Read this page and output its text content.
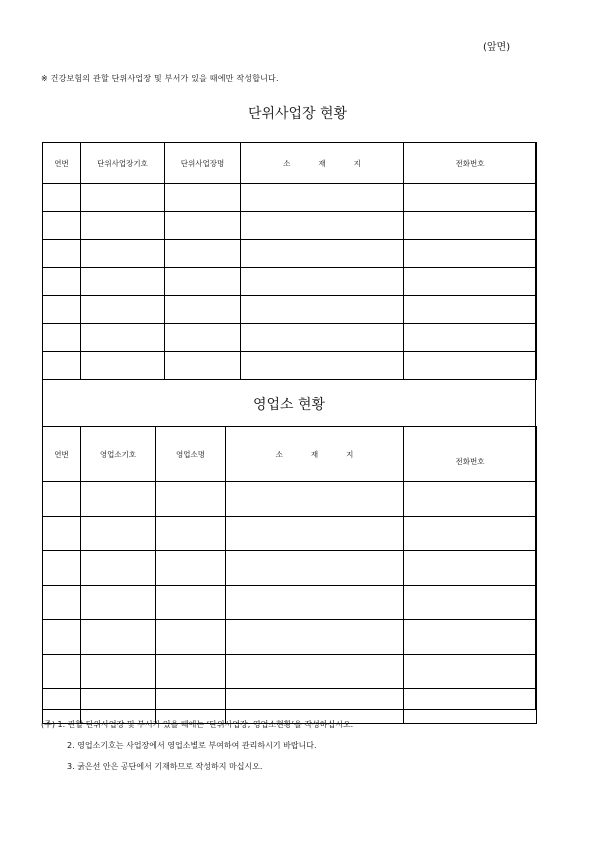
(앞면)
※ 건강보험의 관할 단위사업장 및 부서가 있을 때에만 작성합니다.
단위사업장 현황
연번	단위사업장기호	단위사업장명	소 재 지	전화번호

영업소 현황
연번	영업소기호	영업소명	소 재 지	전화번호

(주) 1. 관할 단위사업장 및 부서가 있을 때에는 ‘단위사업장, 영업소현황’을 작성하십시오.
2. 영업소기호는 사업장에서 영업소별로 부여하여 관리하시기 바랍니다.
3. 굵은선 안은 공단에서 기재하므로 작성하지 마십시오.
